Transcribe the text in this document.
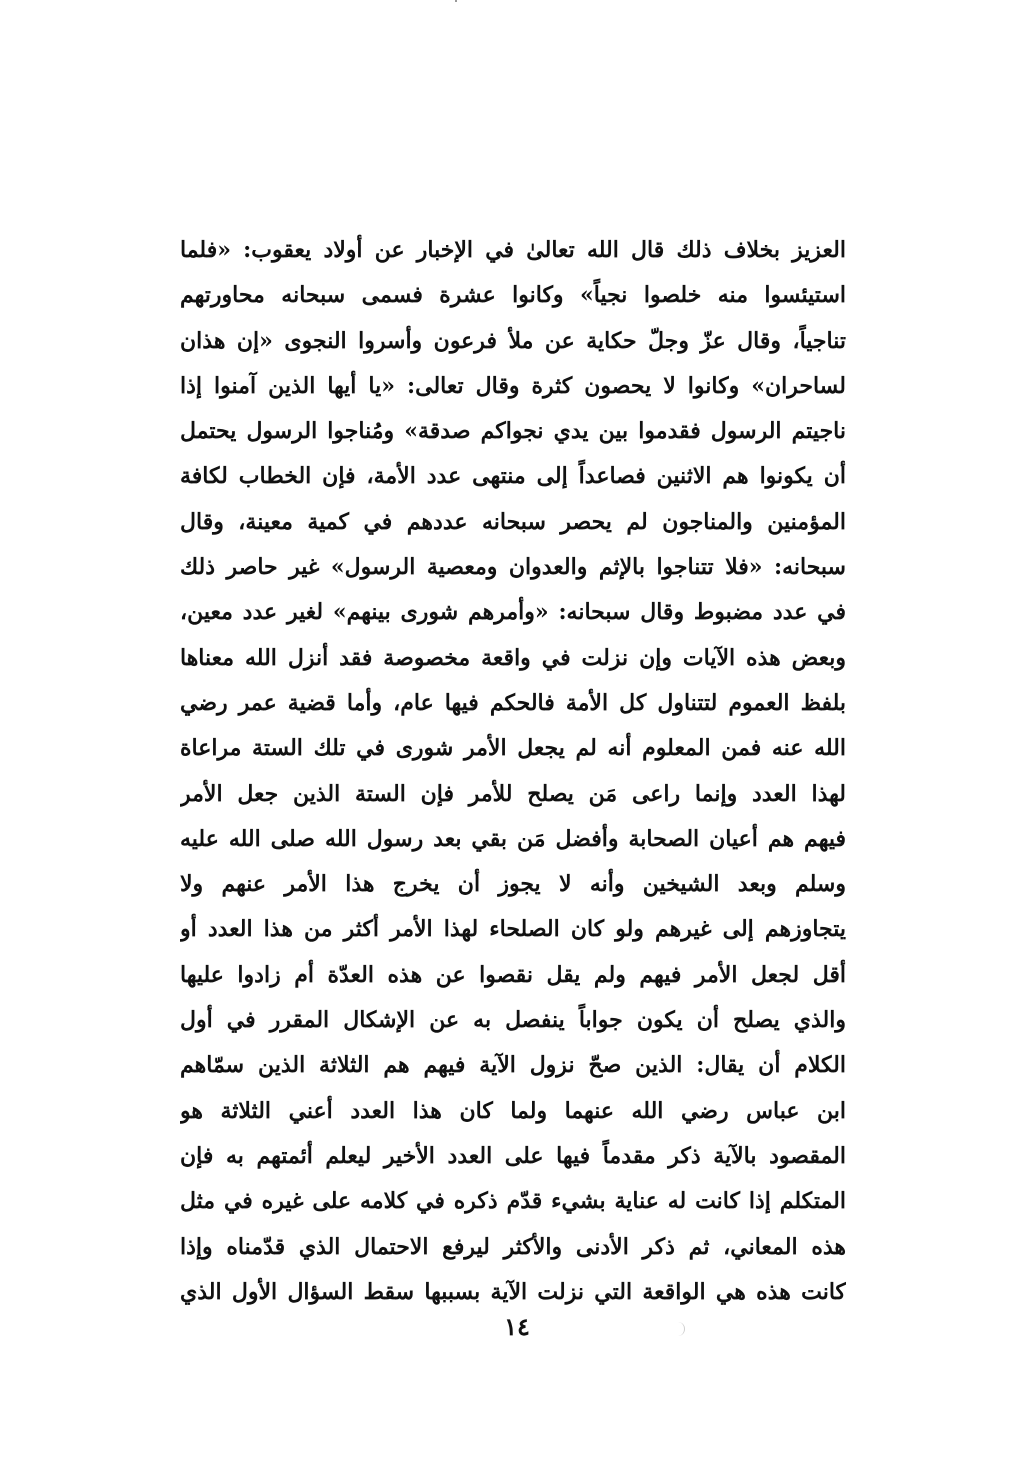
العزيز بخلاف ذلك قال الله تعالىٰ في الإخبار عن أولاد يعقوب: «فلما
استيئسوا منه خلصوا نجياً» وكانوا عشرة فسمى سبحانه محاورتهم
تناجياً، وقال عزّ وجلّ حكاية عن ملأ فرعون وأسروا النجوى «إن هذان
لساحران» وكانوا لا يحصون كثرة وقال تعالى: «يا أيها الذين آمنوا إذا
ناجيتم الرسول فقدموا بين يدي نجواكم صدقة» ومُناجوا الرسول يحتمل
أن يكونوا هم الاثنين فصاعداً إلى منتهى عدد الأمة، فإن الخطاب لكافة
المؤمنين والمناجون لم يحصر سبحانه عددهم في كمية معينة، وقال
سبحانه: «فلا تتناجوا بالإثم والعدوان ومعصية الرسول» غير حاصر ذلك
في عدد مضبوط وقال سبحانه: «وأمرهم شورى بينهم» لغير عدد معين،
وبعض هذه الآيات وإن نزلت في واقعة مخصوصة فقد أنزل الله معناها
بلفظ العموم لتتناول كل الأمة فالحكم فيها عام، وأما قضية عمر رضي
الله عنه فمن المعلوم أنه لم يجعل الأمر شورى في تلك الستة مراعاة
لهذا العدد وإنما راعى مَن يصلح للأمر فإن الستة الذين جعل الأمر
فيهم هم أعيان الصحابة وأفضل مَن بقي بعد رسول الله صلى الله عليه
وسلم وبعد الشيخين وأنه لا يجوز أن يخرج هذا الأمر عنهم ولا
يتجاوزهم إلى غيرهم ولو كان الصلحاء لهذا الأمر أكثر من هذا العدد أو
أقل لجعل الأمر فيهم ولم يقل نقصوا عن هذه العدّة أم زادوا عليها
والذي يصلح أن يكون جواباً ينفصل به عن الإشكال المقرر في أول
الكلام أن يقال: الذين صحّ نزول الآية فيهم هم الثلاثة الذين سمّاهم
ابن عباس رضي الله عنهما ولما كان هذا العدد أعني الثلاثة هو
المقصود بالآية ذكر مقدماً فيها على العدد الأخير ليعلم أئمتهم به فإن
المتكلم إذا كانت له عناية بشيء قدّم ذكره في كلامه على غيره في مثل
هذه المعاني، ثم ذكر الأدنى والأكثر ليرفع الاحتمال الذي قدّمناه وإذا
كانت هذه هي الواقعة التي نزلت الآية بسببها سقط السؤال الأول الذي
١٤
